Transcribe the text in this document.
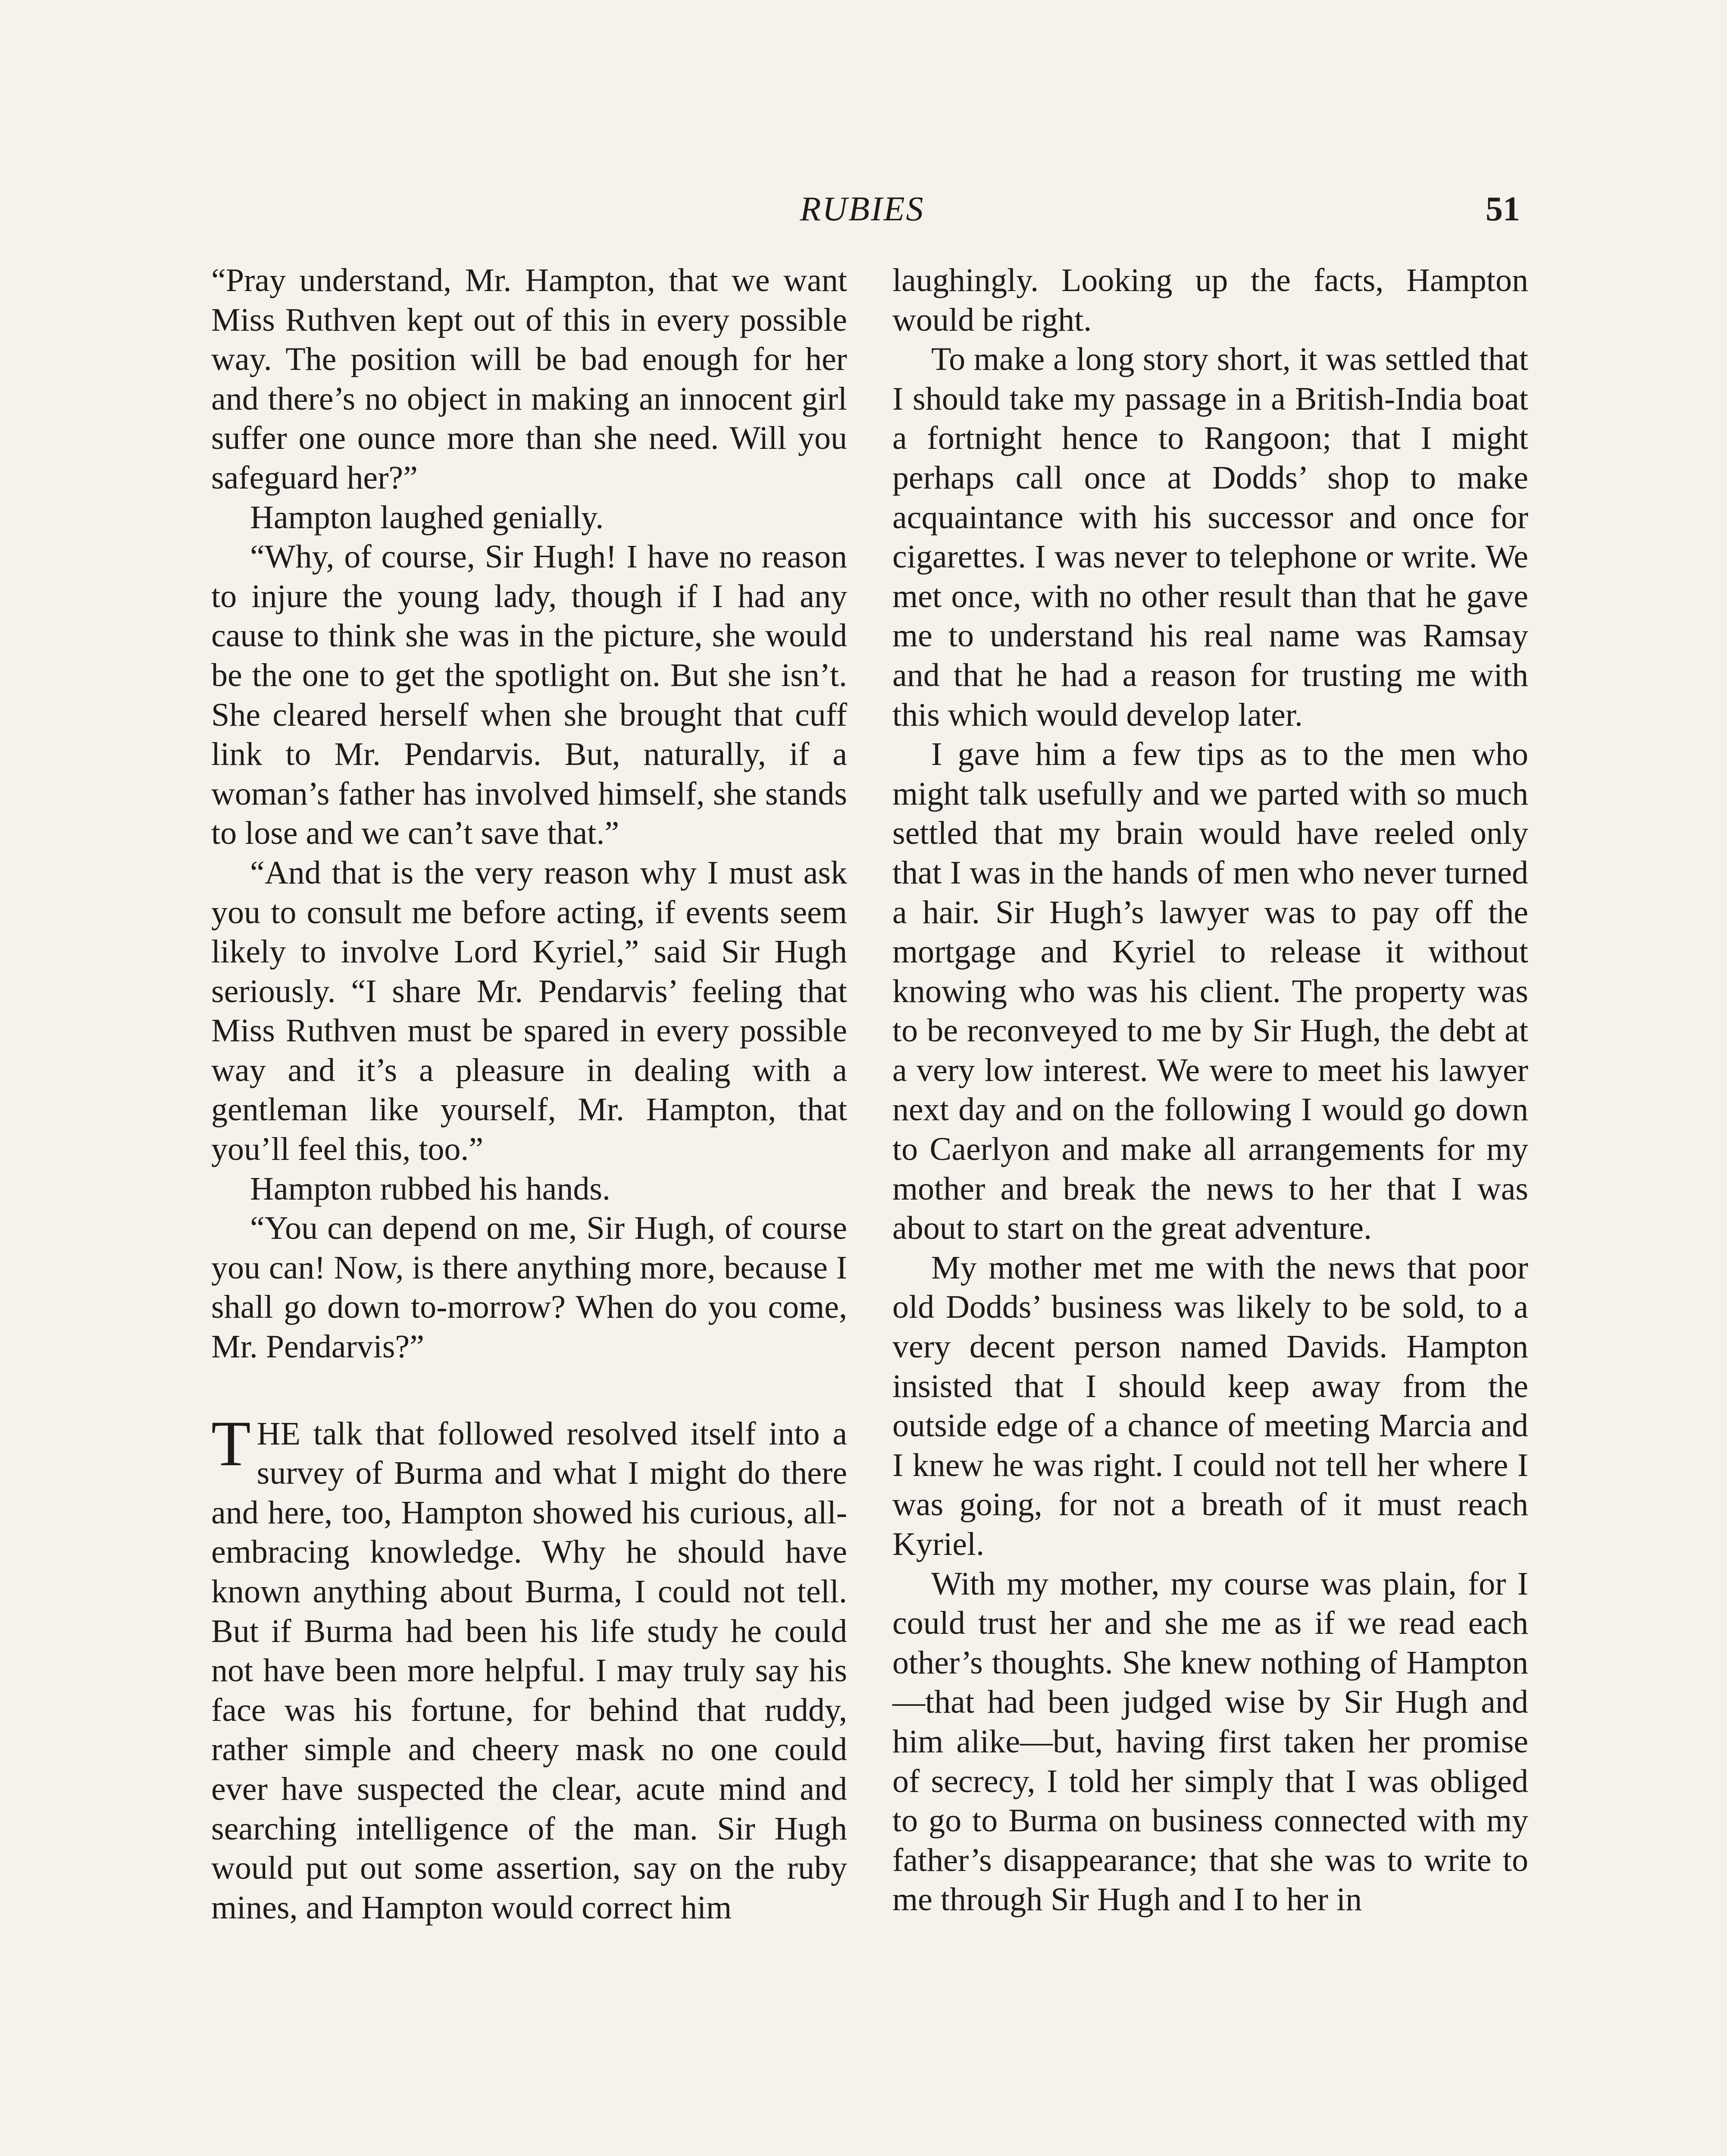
RUBIES	51

“Pray understand, Mr. Hampton, that we want Miss Ruthven kept out of this in every possible way. The position will be bad enough for her and there’s no object in making an innocent girl suffer one ounce more than she need. Will you safeguard her?”

Hampton laughed genially.

“Why, of course, Sir Hugh! I have no reason to injure the young lady, though if I had any cause to think she was in the picture, she would be the one to get the spotlight on. But she isn’t. She cleared herself when she brought that cuff link to Mr. Pendarvis. But, naturally, if a woman’s father has involved himself, she stands to lose and we can’t save that.”

“And that is the very reason why I must ask you to consult me before acting, if events seem likely to involve Lord Kyriel,” said Sir Hugh seriously. “I share Mr. Pendarvis’ feeling that Miss Ruthven must be spared in every possible way and it’s a pleasure in dealing with a gentleman like yourself, Mr. Hampton, that you’ll feel this, too.”

Hampton rubbed his hands.

“You can depend on me, Sir Hugh, of course you can! Now, is there anything more, because I shall go down to-morrow? When do you come, Mr. Pendarvis?”

THE talk that followed resolved itself into a survey of Burma and what I might do there and here, too, Hampton showed his curious, all-embracing knowledge. Why he should have known anything about Burma, I could not tell. But if Burma had been his life study he could not have been more helpful. I may truly say his face was his fortune, for behind that ruddy, rather simple and cheery mask no one could ever have suspected the clear, acute mind and searching intelligence of the man. Sir Hugh would put out some assertion, say on the ruby mines, and Hampton would correct him

laughingly. Looking up the facts, Hampton would be right.

To make a long story short, it was settled that I should take my passage in a British-India boat a fortnight hence to Rangoon; that I might perhaps call once at Dodds’ shop to make acquaintance with his successor and once for cigarettes. I was never to telephone or write. We met once, with no other result than that he gave me to understand his real name was Ramsay and that he had a reason for trusting me with this which would develop later.

I gave him a few tips as to the men who might talk usefully and we parted with so much settled that my brain would have reeled only that I was in the hands of men who never turned a hair. Sir Hugh’s lawyer was to pay off the mortgage and Kyriel to release it without knowing who was his client. The property was to be reconveyed to me by Sir Hugh, the debt at a very low interest. We were to meet his lawyer next day and on the following I would go down to Caerlyon and make all arrangements for my mother and break the news to her that I was about to start on the great adventure.

My mother met me with the news that poor old Dodds’ business was likely to be sold, to a very decent person named Davids. Hampton insisted that I should keep away from the outside edge of a chance of meeting Marcia and I knew he was right. I could not tell her where I was going, for not a breath of it must reach Kyriel.

With my mother, my course was plain, for I could trust her and she me as if we read each other’s thoughts. She knew nothing of Hampton—that had been judged wise by Sir Hugh and him alike—but, having first taken her promise of secrecy, I told her simply that I was obliged to go to Burma on business connected with my father’s disappearance; that she was to write to me through Sir Hugh and I to her in
